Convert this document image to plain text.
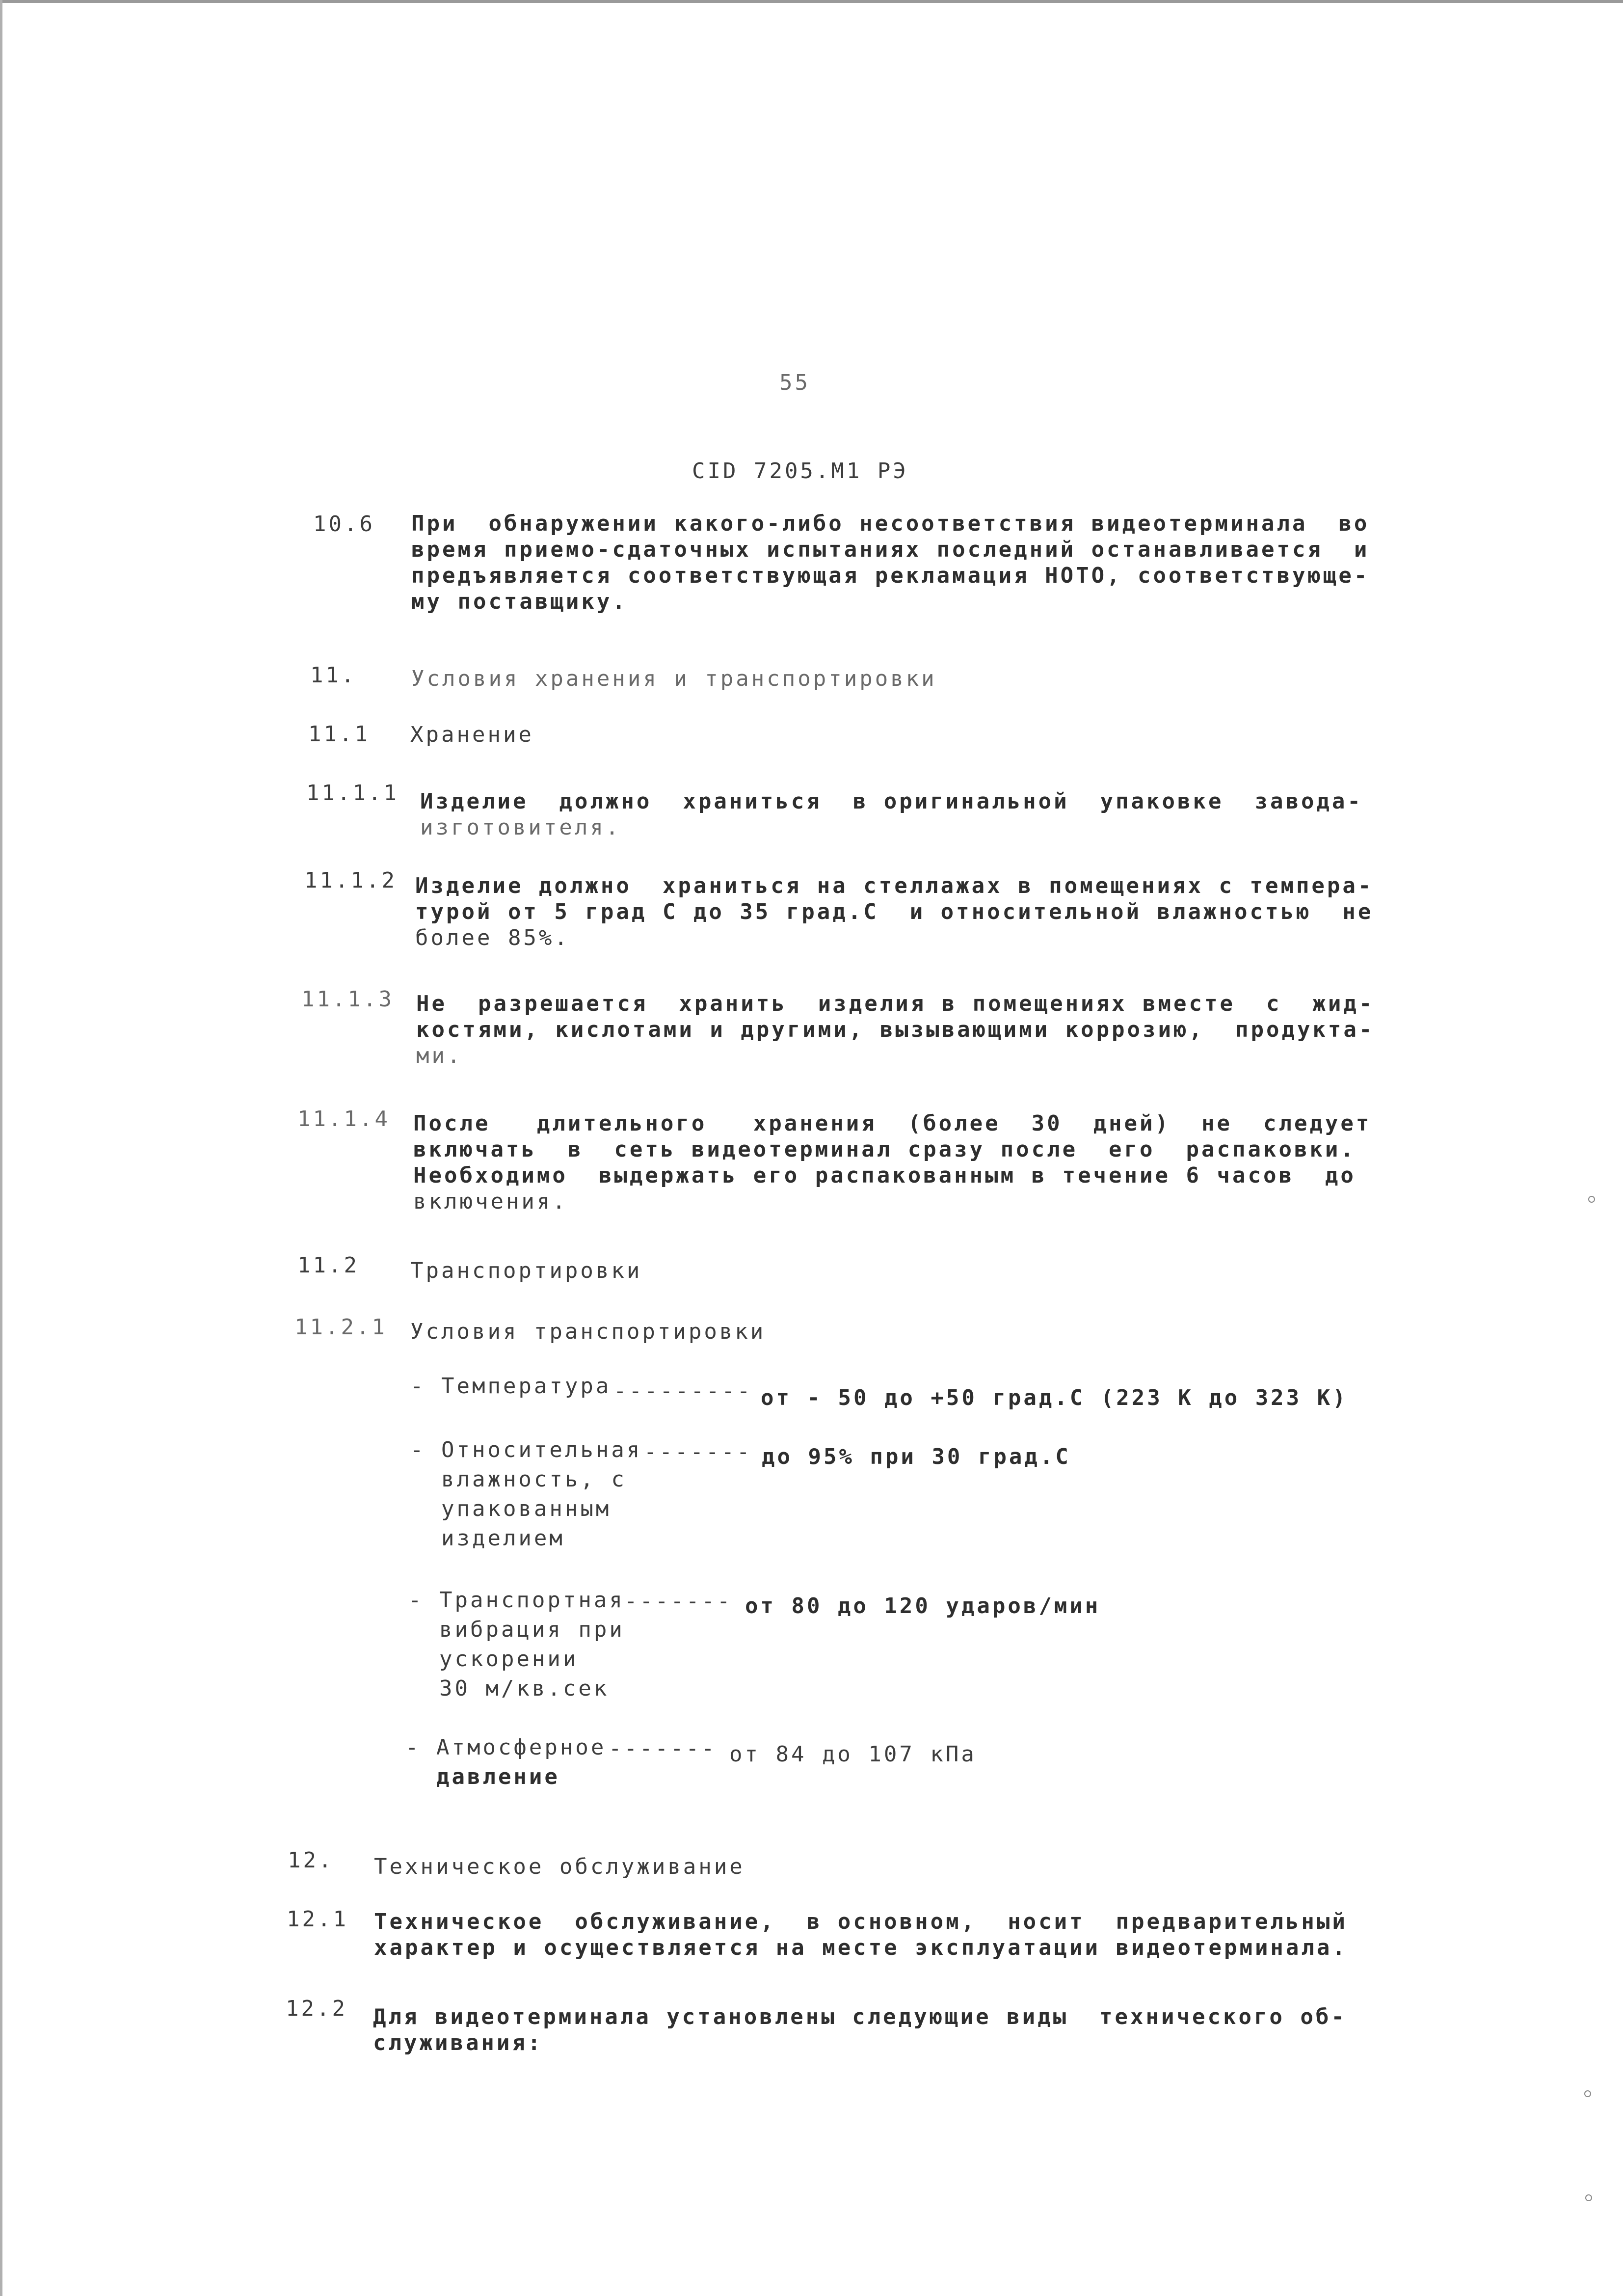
55
CID 7205.M1 РЭ
10.6 При  обнаружении какого-либо несоответствия видеотерминала  во
время приемо-сдаточных испытаниях последний останавливается  и
предъявляется соответствующая рекламация НОТО, соответствующе-
му поставщику.
11.	Условия хранения и транспортировки
11.1 Хранение
11.1.1 Изделие  должно  храниться  в оригинальной  упаковке  завода-
изготовителя.
11.1.2 Изделие должно  храниться на стеллажах в помещениях с темпера-
турой от 5 град С до 35 град.С  и относительной влажностью  не
более 85%.
11.1.3 Не  разрешается  хранить  изделия в помещениях вместе  с  жид-
костями, кислотами и другими, вызывающими коррозию,  продукта-
ми.
11.1.4 После   длительного   хранения  (более  30  дней)  не  следует
включать  в  сеть видеотерминал сразу после  его  распаковки.
Необходимо  выдержать его распакованным в течение 6 часов  до
включения.
11.2 Транспортировки
11.2.1 Условия транспортировки
- Температура --------- от - 50 до +50 град.С (223 К до 323 К)
- Относительная
влажность, с
упакованным
изделием
------- до 95% при 30 град.С
- Транспортная
вибрация при
ускорении
30 м/кв.сек
------- от 80 до 120 ударов/мин
- Атмосферное
давление
------- от 84 до 107 кПа
12. Техническое обслуживание
12.1 Техническое  обслуживание,  в основном,  носит  предварительный
характер и осуществляется на месте эксплуатации видеотерминала.
12.2 Для видеотерминала установлены следующие виды  технического об-
служивания:
